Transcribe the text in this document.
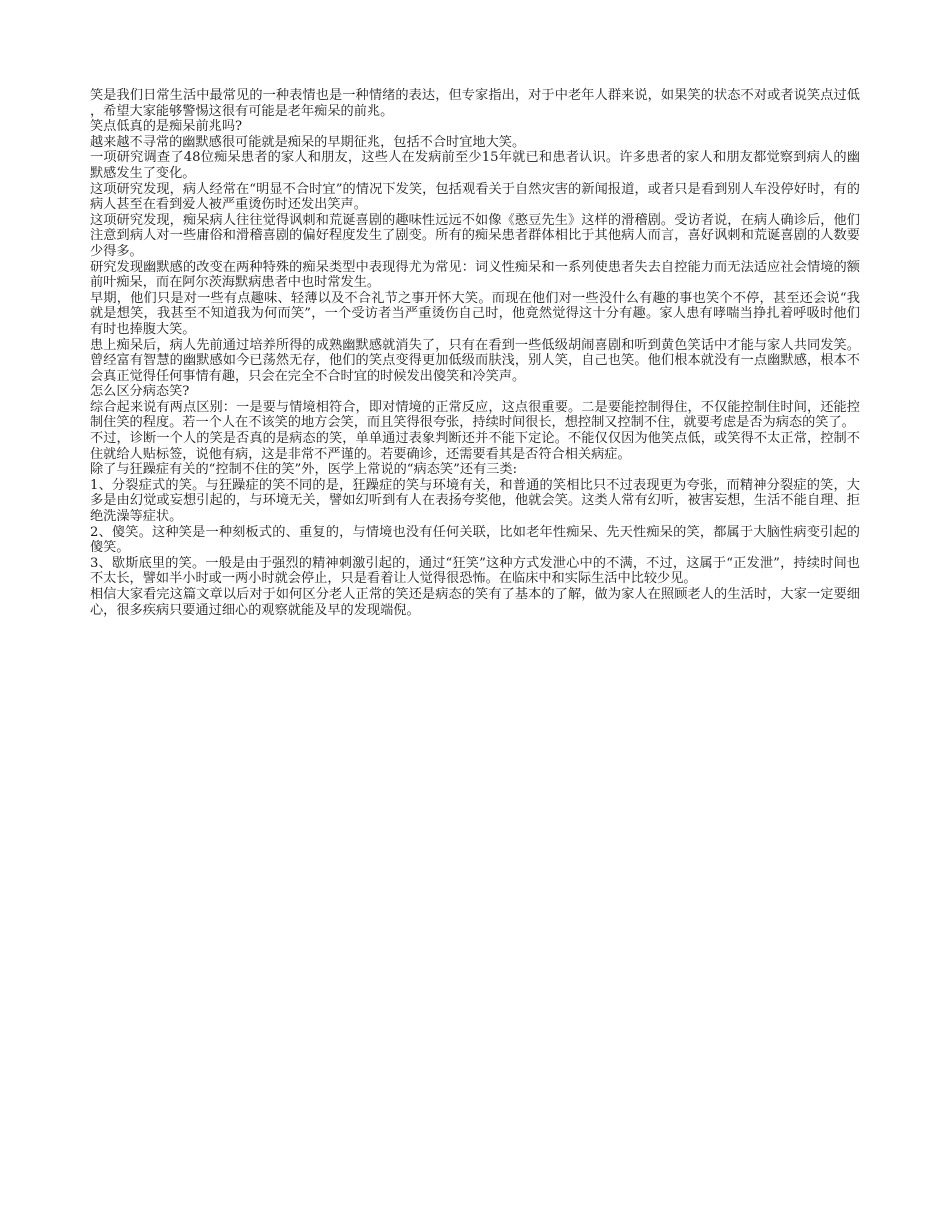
笑是我们日常生活中最常见的一种表情也是一种情绪的表达，但专家指出，对于中老年人群来说，如果笑的状态不对或者说笑点过低，希望大家能够警惕这很有可能是老年痴呆的前兆。

笑点低真的是痴呆前兆吗?

越来越不寻常的幽默感很可能就是痴呆的早期征兆，包括不合时宜地大笑。

一项研究调查了48位痴呆患者的家人和朋友，这些人在发病前至少15年就已和患者认识。许多患者的家人和朋友都觉察到病人的幽默感发生了变化。

这项研究发现，病人经常在“明显不合时宜”的情况下发笑，包括观看关于自然灾害的新闻报道，或者只是看到别人车没停好时，有的病人甚至在看到爱人被严重烫伤时还发出笑声。

这项研究发现，痴呆病人往往觉得讽刺和荒诞喜剧的趣味性远远不如像《憨豆先生》这样的滑稽剧。受访者说，在病人确诊后，他们注意到病人对一些庸俗和滑稽喜剧的偏好程度发生了剧变。所有的痴呆患者群体相比于其他病人而言，喜好讽刺和荒诞喜剧的人数要少得多。

研究发现幽默感的改变在两种特殊的痴呆类型中表现得尤为常见：词义性痴呆和一系列使患者失去自控能力而无法适应社会情境的额前叶痴呆，而在阿尔茨海默病患者中也时常发生。

早期，他们只是对一些有点趣味、轻薄以及不合礼节之事开怀大笑。而现在他们对一些没什么有趣的事也笑个不停，甚至还会说“我就是想笑，我甚至不知道我为何而笑”，一个受访者当严重烫伤自己时，他竟然觉得这十分有趣。家人患有哮喘当挣扎着呼吸时他们有时也捧腹大笑。

患上痴呆后，病人先前通过培养所得的成熟幽默感就消失了，只有在看到一些低级胡闹喜剧和听到黄色笑话中才能与家人共同发笑。曾经富有智慧的幽默感如今已荡然无存，他们的笑点变得更加低级而肤浅，别人笑，自己也笑。他们根本就没有一点幽默感，根本不会真正觉得任何事情有趣，只会在完全不合时宜的时候发出傻笑和冷笑声。

怎么区分病态笑?

综合起来说有两点区别：一是要与情境相符合，即对情境的正常反应，这点很重要。二是要能控制得住，不仅能控制住时间，还能控制住笑的程度。若一个人在不该笑的地方会笑，而且笑得很夸张，持续时间很长，想控制又控制不住，就要考虑是否为病态的笑了。

不过，诊断一个人的笑是否真的是病态的笑，单单通过表象判断还并不能下定论。不能仅仅因为他笑点低，或笑得不太正常，控制不住就给人贴标签，说他有病，这是非常不严谨的。若要确诊，还需要看其是否符合相关病症。

除了与狂躁症有关的“控制不住的笑”外，医学上常说的“病态笑”还有三类:

1、分裂症式的笑。与狂躁症的笑不同的是，狂躁症的笑与环境有关，和普通的笑相比只不过表现更为夸张，而精神分裂症的笑，大多是由幻觉或妄想引起的，与环境无关，譬如幻听到有人在表扬夸奖他，他就会笑。这类人常有幻听，被害妄想，生活不能自理、拒绝洗澡等症状。

2、傻笑。这种笑是一种刻板式的、重复的，与情境也没有任何关联，比如老年性痴呆、先天性痴呆的笑，都属于大脑性病变引起的傻笑。

3、歇斯底里的笑。一般是由于强烈的精神刺激引起的，通过“狂笑”这种方式发泄心中的不满，不过，这属于“正发泄”，持续时间也不太长，譬如半小时或一两小时就会停止，只是看着让人觉得很恐怖。在临床中和实际生活中比较少见。

相信大家看完这篇文章以后对于如何区分老人正常的笑还是病态的笑有了基本的了解，做为家人在照顾老人的生活时，大家一定要细心，很多疾病只要通过细心的观察就能及早的发现端倪。
